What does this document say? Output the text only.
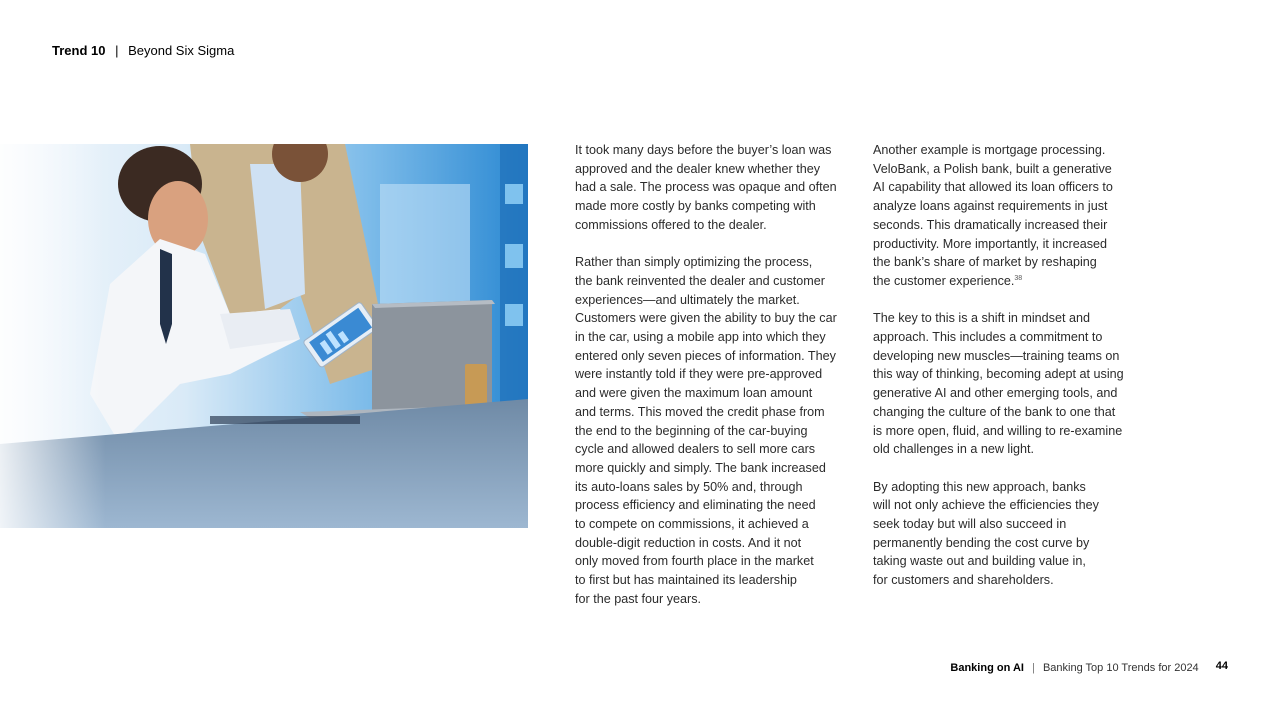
Trend 10 | Beyond Six Sigma
It took many days before the buyer’s loan was
approved and the dealer knew whether they
had a sale. The process was opaque and often
made more costly by banks competing with
commissions offered to the dealer.
Rather than simply optimizing the process,
the bank reinvented the dealer and customer
experiences—and ultimately the market.
Customers were given the ability to buy the car
in the car, using a mobile app into which they
entered only seven pieces of information. They
were instantly told if they were pre-approved
and were given the maximum loan amount
and terms. This moved the credit phase from
the end to the beginning of the car-buying
cycle and allowed dealers to sell more cars
more quickly and simply. The bank increased
its auto-loans sales by 50% and, through
process efficiency and eliminating the need
to compete on commissions, it achieved a
double-digit reduction in costs. And it not
only moved from fourth place in the market
to first but has maintained its leadership
for the past four years.
Another example is mortgage processing.
VeloBank, a Polish bank, built a generative
AI capability that allowed its loan officers to
analyze loans against requirements in just
seconds. This dramatically increased their
productivity. More importantly, it increased
the bank’s share of market by reshaping
the customer experience.$^{38}$
The key to this is a shift in mindset and
approach. This includes a commitment to
developing new muscles—training teams on
this way of thinking, becoming adept at using
generative AI and other emerging tools, and
changing the culture of the bank to one that
is more open, fluid, and willing to re-examine
old challenges in a new light.
By adopting this new approach, banks
will not only achieve the efficiencies they
seek today but will also succeed in
permanently bending the cost curve by
taking waste out and building value in,
for customers and shareholders.
Banking on AI | Banking Top 10 Trends for 2024 44
